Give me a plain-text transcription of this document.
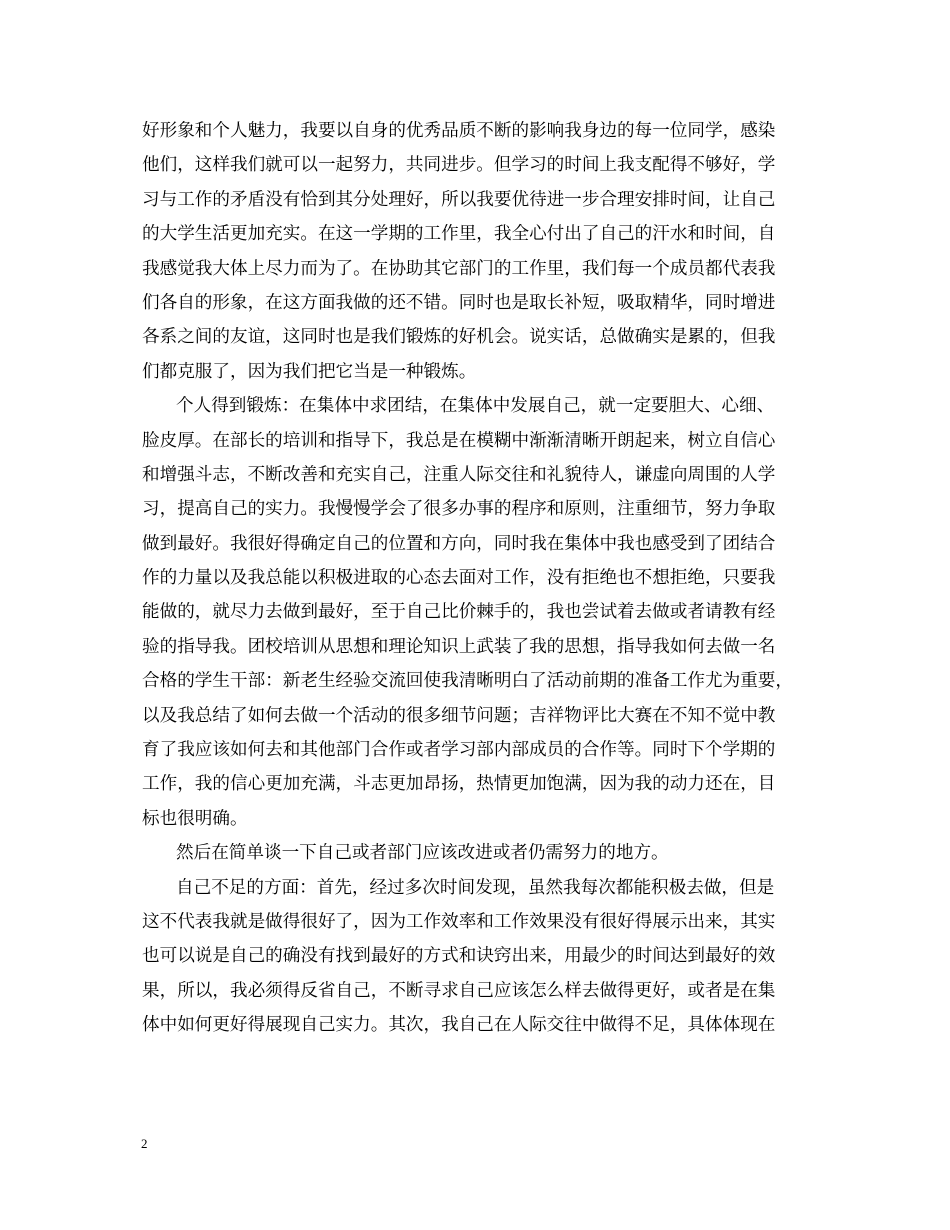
好形象和个人魅力，我要以自身的优秀品质不断的影响我身边的每一位同学，感染
他们，这样我们就可以一起努力，共同进步。但学习的时间上我支配得不够好，学
习与工作的矛盾没有恰到其分处理好，所以我要优待进一步合理安排时间，让自己
的大学生活更加充实。在这一学期的工作里，我全心付出了自己的汗水和时间，自
我感觉我大体上尽力而为了。在协助其它部门的工作里，我们每一个成员都代表我
们各自的形象，在这方面我做的还不错。同时也是取长补短，吸取精华，同时增进
各系之间的友谊，这同时也是我们锻炼的好机会。说实话，总做确实是累的，但我
们都克服了，因为我们把它当是一种锻炼。
个人得到锻炼：在集体中求团结，在集体中发展自己，就一定要胆大、心细、
脸皮厚。在部长的培训和指导下，我总是在模糊中渐渐清晰开朗起来，树立自信心
和增强斗志，不断改善和充实自己，注重人际交往和礼貌待人，谦虚向周围的人学
习，提高自己的实力。我慢慢学会了很多办事的程序和原则，注重细节，努力争取
做到最好。我很好得确定自己的位置和方向，同时我在集体中我也感受到了团结合
作的力量以及我总能以积极进取的心态去面对工作，没有拒绝也不想拒绝，只要我
能做的，就尽力去做到最好，至于自己比价棘手的，我也尝试着去做或者请教有经
验的指导我。团校培训从思想和理论知识上武装了我的思想，指导我如何去做一名
合格的学生干部：新老生经验交流回使我清晰明白了活动前期的准备工作尤为重要，
以及我总结了如何去做一个活动的很多细节问题；吉祥物评比大赛在不知不觉中教
育了我应该如何去和其他部门合作或者学习部内部成员的合作等。同时下个学期的
工作，我的信心更加充满，斗志更加昂扬，热情更加饱满，因为我的动力还在，目
标也很明确。
然后在简单谈一下自己或者部门应该改进或者仍需努力的地方。
自己不足的方面：首先，经过多次时间发现，虽然我每次都能积极去做，但是
这不代表我就是做得很好了，因为工作效率和工作效果没有很好得展示出来，其实
也可以说是自己的确没有找到最好的方式和诀窍出来，用最少的时间达到最好的效
果，所以，我必须得反省自己，不断寻求自己应该怎么样去做得更好，或者是在集
体中如何更好得展现自己实力。其次，我自己在人际交往中做得不足，具体体现在
2
